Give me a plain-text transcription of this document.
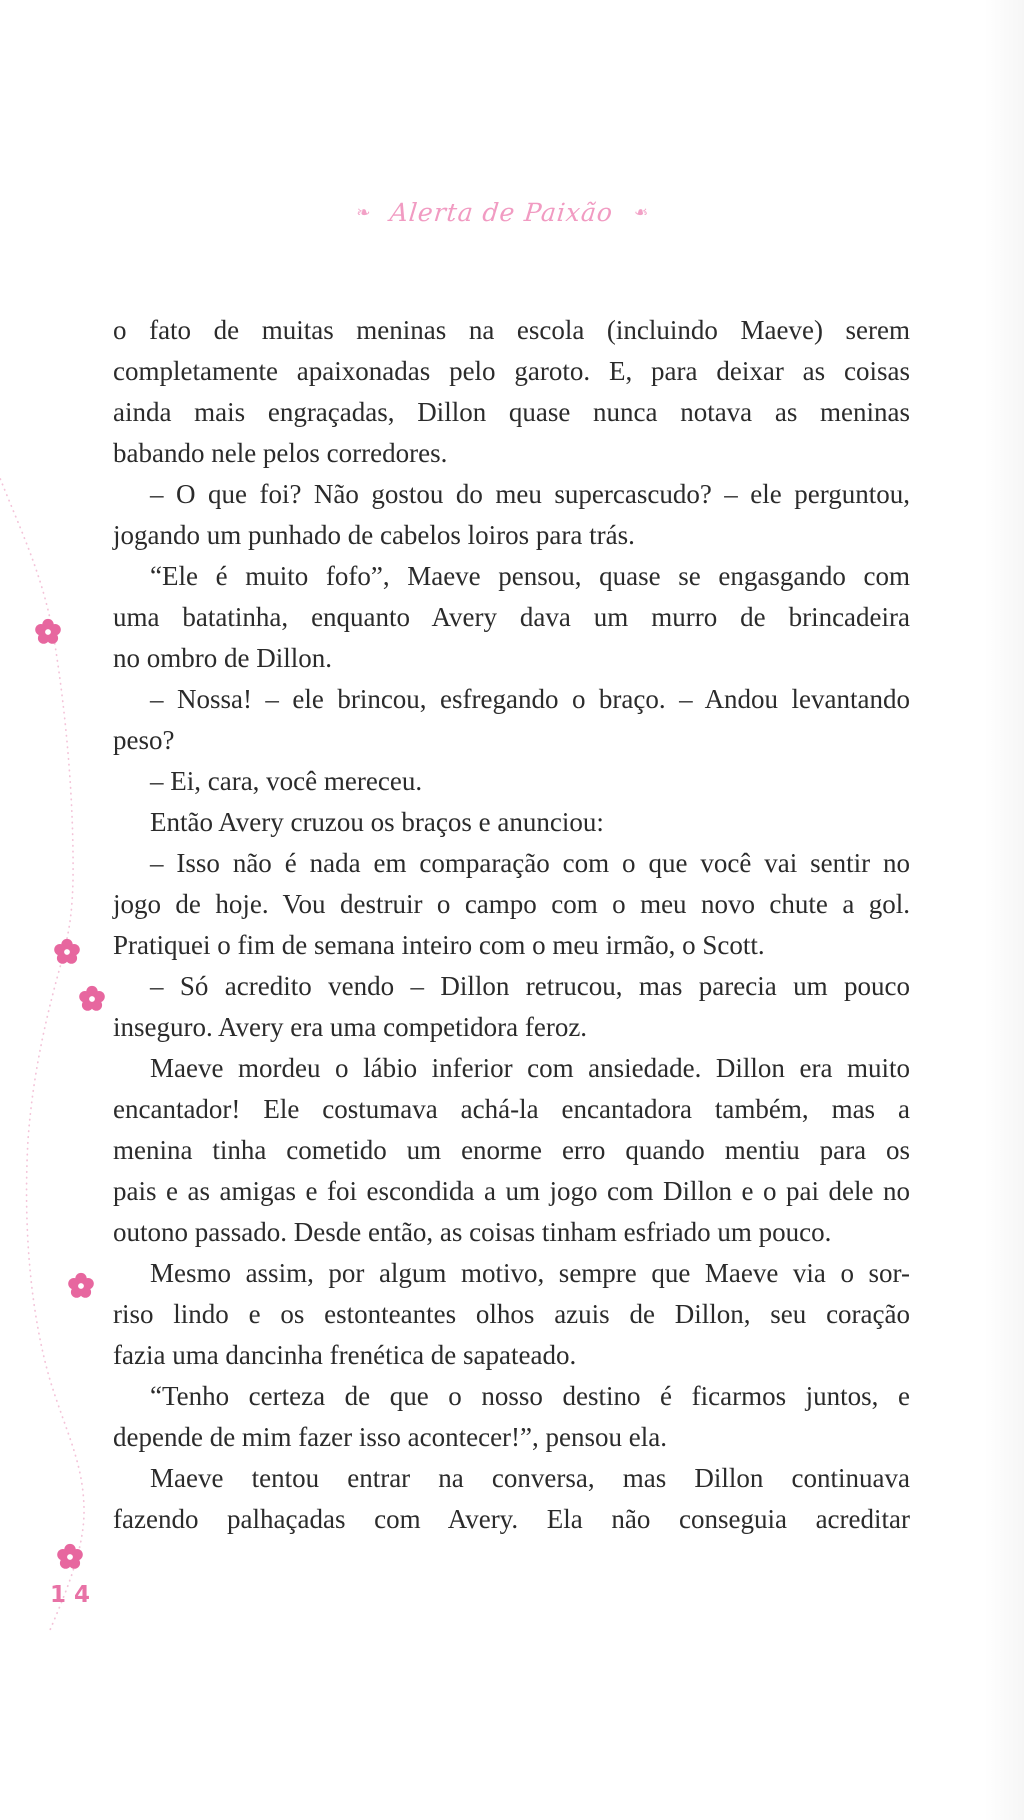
❧ Alerta de Paixão ❧
o fato de muitas meninas na escola (incluindo Maeve) serem
completamente apaixonadas pelo garoto. E, para deixar as coisas
ainda mais engraçadas, Dillon quase nunca notava as meninas
babando nele pelos corredores.
– O que foi? Não gostou do meu supercascudo? – ele perguntou,
jogando um punhado de cabelos loiros para trás.
“Ele é muito fofo”, Maeve pensou, quase se engasgando com
uma batatinha, enquanto Avery dava um murro de brincadeira
no ombro de Dillon.
– Nossa! – ele brincou, esfregando o braço. – Andou levantando
peso?
– Ei, cara, você mereceu.
Então Avery cruzou os braços e anunciou:
– Isso não é nada em comparação com o que você vai sentir no
jogo de hoje. Vou destruir o campo com o meu novo chute a gol.
Pratiquei o fim de semana inteiro com o meu irmão, o Scott.
– Só acredito vendo – Dillon retrucou, mas parecia um pouco
inseguro. Avery era uma competidora feroz.
Maeve mordeu o lábio inferior com ansiedade. Dillon era muito
encantador! Ele costumava achá-la encantadora também, mas a
menina tinha cometido um enorme erro quando mentiu para os
pais e as amigas e foi escondida a um jogo com Dillon e o pai dele no
outono passado. Desde então, as coisas tinham esfriado um pouco.
Mesmo assim, por algum motivo, sempre que Maeve via o sor-
riso lindo e os estonteantes olhos azuis de Dillon, seu coração
fazia uma dancinha frenética de sapateado.
“Tenho certeza de que o nosso destino é ficarmos juntos, e
depende de mim fazer isso acontecer!”, pensou ela.
Maeve tentou entrar na conversa, mas Dillon continuava
fazendo palhaçadas com Avery. Ela não conseguia acreditar
14
